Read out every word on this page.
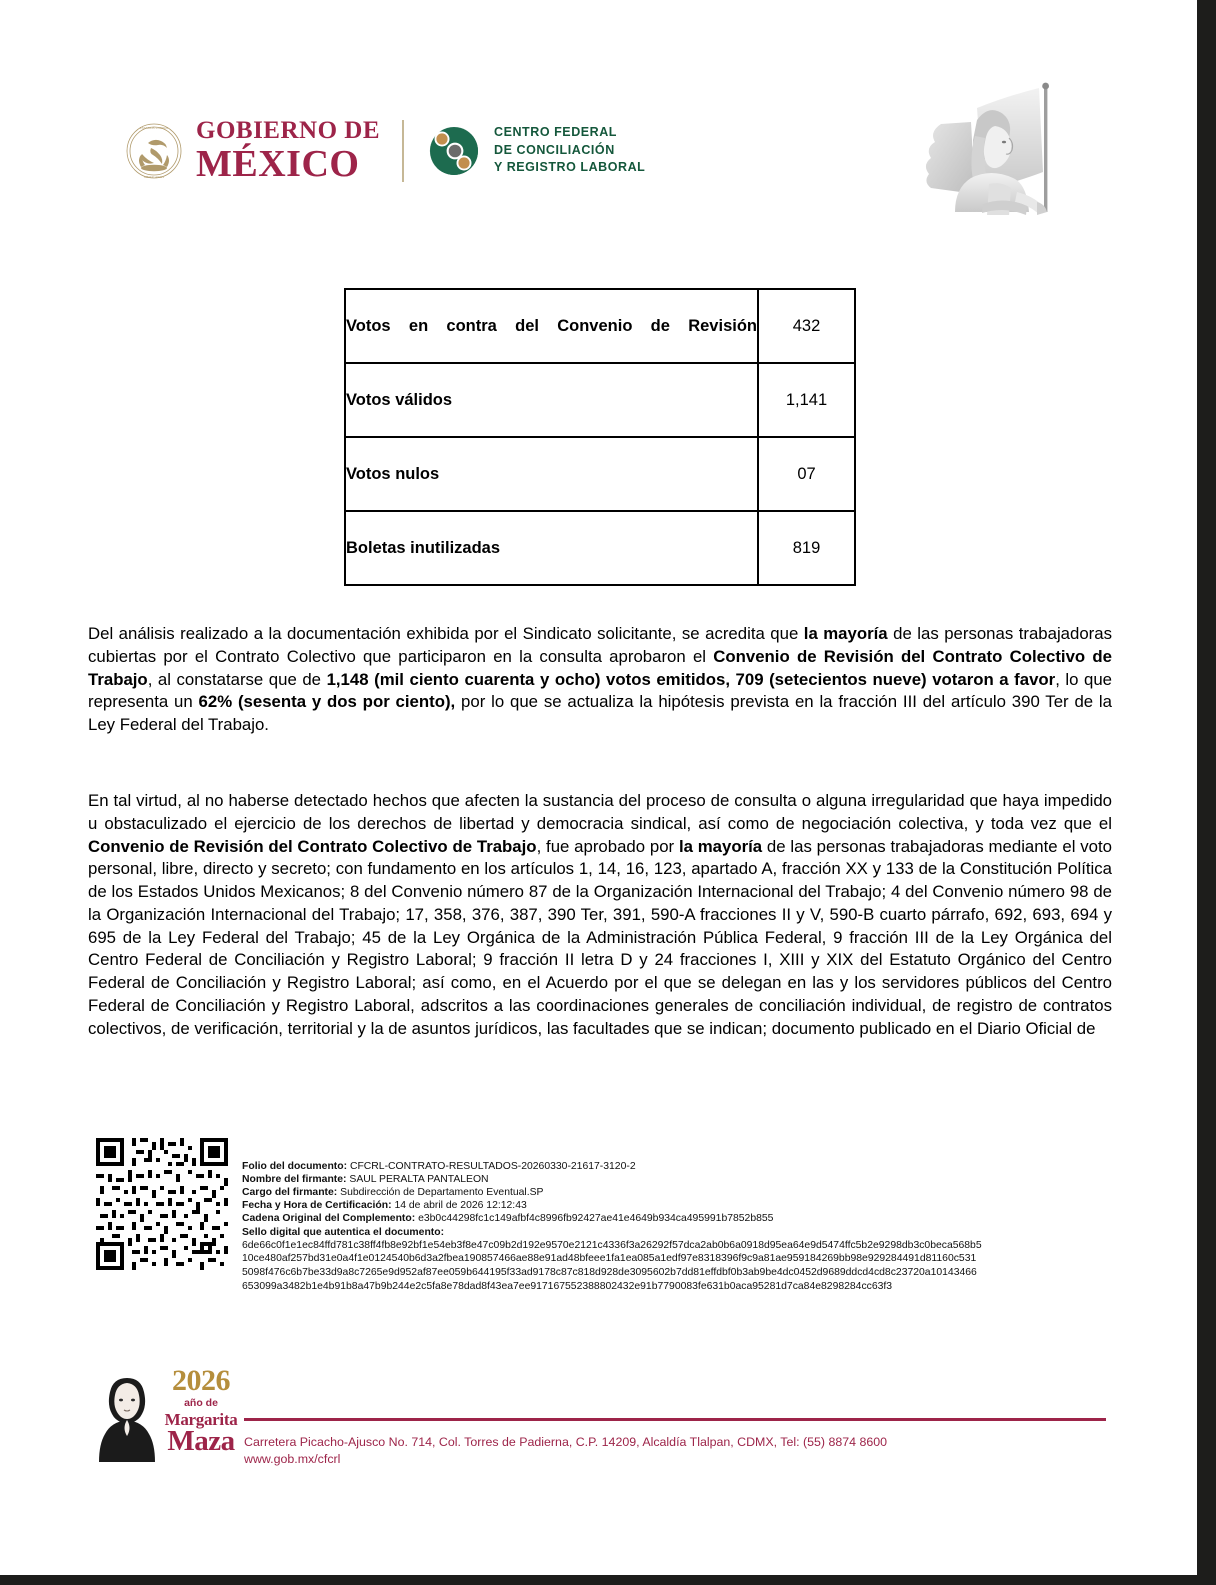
ESTADOS UNIDOS
MEXICANOS
GOBIERNO DE
MÉXICO
CENTRO FEDERAL
DE CONCILIACIÓN
Y REGISTRO LABORAL
Votos en contra del Convenio de Revisión	432
Votos válidos	1,141
Votos nulos	07
Boletas inutilizadas	819
Del análisis realizado a la documentación exhibida por el Sindicato solicitante, se acredita que la mayoría de las personas trabajadoras cubiertas por el Contrato Colectivo que participaron en la consulta aprobaron el Convenio de Revisión del Contrato Colectivo de Trabajo, al constatarse que de 1,148 (mil ciento cuarenta y ocho) votos emitidos, 709 (setecientos nueve) votaron a favor, lo que representa un 62% (sesenta y dos por ciento), por lo que se actualiza la hipótesis prevista en la fracción III del artículo 390 Ter de la Ley Federal del Trabajo.
En tal virtud, al no haberse detectado hechos que afecten la sustancia del proceso de consulta o alguna irregularidad que haya impedido u obstaculizado el ejercicio de los derechos de libertad y democracia sindical, así como de negociación colectiva, y toda vez que el Convenio de Revisión del Contrato Colectivo de Trabajo, fue aprobado por la mayoría de las personas trabajadoras mediante el voto personal, libre, directo y secreto; con fundamento en los artículos 1, 14, 16, 123, apartado A, fracción XX y 133 de la Constitución Política de los Estados Unidos Mexicanos; 8 del Convenio número 87 de la Organización Internacional del Trabajo; 4 del Convenio número 98 de la Organización Internacional del Trabajo; 17, 358, 376, 387, 390 Ter, 391, 590-A fracciones II y V, 590-B cuarto párrafo, 692, 693, 694 y 695 de la Ley Federal del Trabajo; 45 de la Ley Orgánica de la Administración Pública Federal, 9 fracción III de la Ley Orgánica del Centro Federal de Conciliación y Registro Laboral; 9 fracción II letra D y 24 fracciones I, XIII y XIX del Estatuto Orgánico del Centro Federal de Conciliación y Registro Laboral; así como, en el Acuerdo por el que se delegan en las y los servidores públicos del Centro Federal de Conciliación y Registro Laboral, adscritos a las coordinaciones generales de conciliación individual, de registro de contratos colectivos, de verificación, territorial y la de asuntos jurídicos, las facultades que se indican; documento publicado en el Diario Oficial de
Folio del documento: CFCRL-CONTRATO-RESULTADOS-20260330-21617-3120-2
Nombre del firmante: SAUL PERALTA PANTALEON
Cargo del firmante: Subdirección de Departamento Eventual.SP
Fecha y Hora de Certificación: 14 de abril de 2026 12:12:43
Cadena Original del Complemento: e3b0c44298fc1c149afbf4c8996fb92427ae41e4649b934ca495991b7852b855
Sello digital que autentica el documento:
6de66c0f1e1ec84ffd781c38ff4fb8e92bf1e54eb3f8e47c09b2d192e9570e2121c4336f3a26292f57dca2ab0b6a0918d95ea64e9d5474ffc5b2e9298db3c0beca568b510ce480af257bd31e0a4f1e0124540b6d3a2fbea190857466ae88e91ad48bfeee1fa1ea085a1edf97e8318396f9c9a81ae959184269bb98e929284491d81160c5315098f476c6b7be33d9a8c7265e9d952af87ee059b644195f33ad9178c87c818d928de3095602b7dd81effdbf0b3ab9be4dc0452d9689ddcd4cd8c23720a10143466653099a3482b1e4b91b8a47b9b244e2c5fa8e78dad8f43ea7ee917167552388802432e91b7790083fe631b0aca95281d7ca84e8298284cc63f3
2026
año de
Margarita
Maza Carretera Picacho-Ajusco No. 714, Col. Torres de Padierna, C.P. 14209, Alcaldía Tlalpan, CDMX, Tel: (55) 8874 8600
www.gob.mx/cfcrl
